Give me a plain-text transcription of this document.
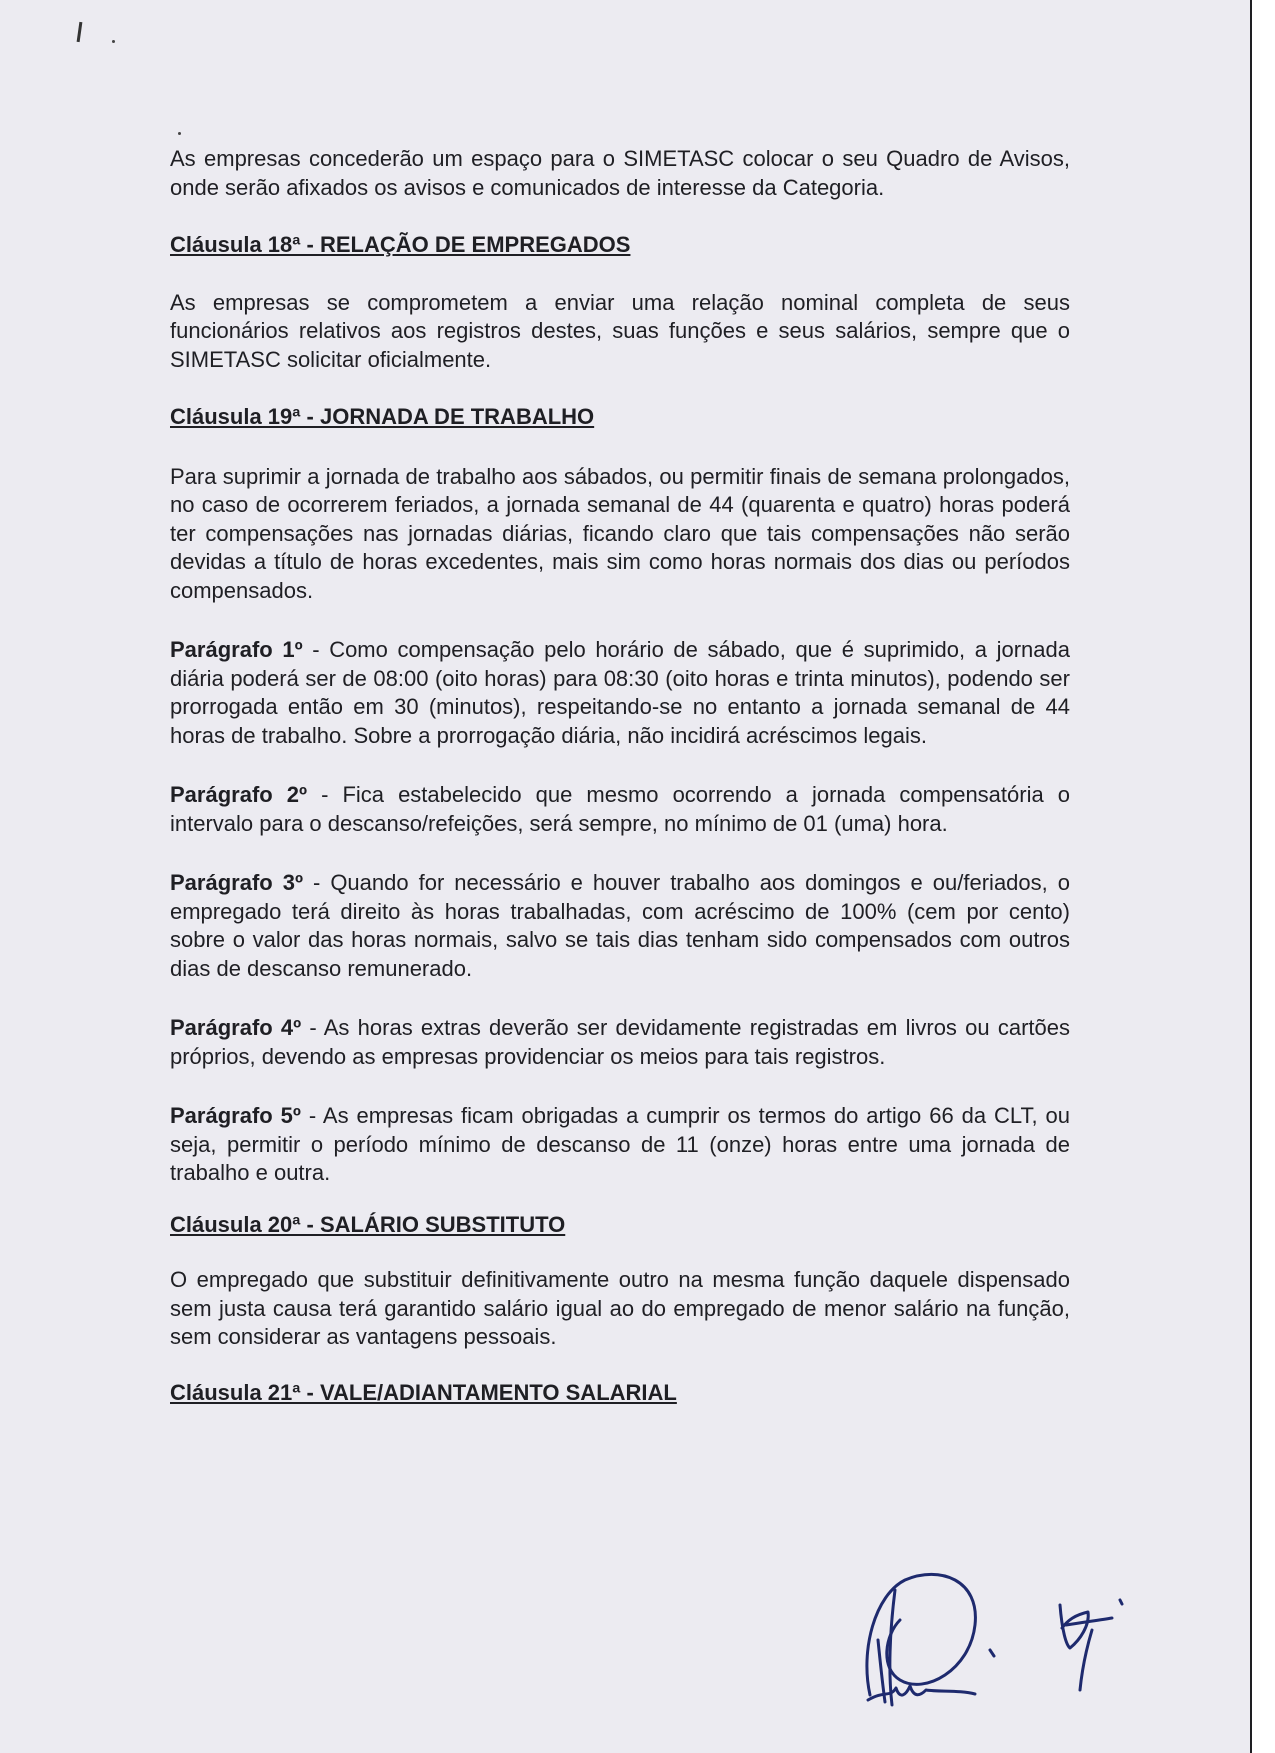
As empresas concederão um espaço para o SIMETASC colocar o seu Quadro de Avisos, onde serão afixados os avisos e comunicados de interesse da Categoria.

Cláusula 18ª - RELAÇÃO DE EMPREGADOS

As empresas se comprometem a enviar uma relação nominal completa de seus funcionários relativos aos registros destes, suas funções e seus salários, sempre que o SIMETASC solicitar oficialmente.

Cláusula 19ª - JORNADA DE TRABALHO

Para suprimir a jornada de trabalho aos sábados, ou permitir finais de semana prolongados, no caso de ocorrerem feriados, a jornada semanal de 44 (quarenta e quatro) horas poderá ter compensações nas jornadas diárias, ficando claro que tais compensações não serão devidas a título de horas excedentes, mais sim como horas normais dos dias ou períodos compensados.

Parágrafo 1º - Como compensação pelo horário de sábado, que é suprimido, a jornada diária poderá ser de 08:00 (oito horas) para 08:30 (oito horas e trinta minutos), podendo ser prorrogada então em 30 (minutos), respeitando-se no entanto a jornada semanal de 44 horas de trabalho. Sobre a prorrogação diária, não incidirá acréscimos legais.

Parágrafo 2º - Fica estabelecido que mesmo ocorrendo a jornada compensatória o intervalo para o descanso/refeições, será sempre, no mínimo de 01 (uma) hora.

Parágrafo 3º - Quando for necessário e houver trabalho aos domingos e ou/feriados, o empregado terá direito às horas trabalhadas, com acréscimo de 100% (cem por cento) sobre o valor das horas normais, salvo se tais dias tenham sido compensados com outros dias de descanso remunerado.

Parágrafo 4º - As horas extras deverão ser devidamente registradas em livros ou cartões próprios, devendo as empresas providenciar os meios para tais registros.

Parágrafo 5º - As empresas ficam obrigadas a cumprir os termos do artigo 66 da CLT, ou seja, permitir o período mínimo de descanso de 11 (onze) horas entre uma jornada de trabalho e outra.

Cláusula 20ª - SALÁRIO SUBSTITUTO

O empregado que substituir definitivamente outro na mesma função daquele dispensado sem justa causa terá garantido salário igual ao do empregado de menor salário na função, sem considerar as vantagens pessoais.

Cláusula 21ª - VALE/ADIANTAMENTO SALARIAL
